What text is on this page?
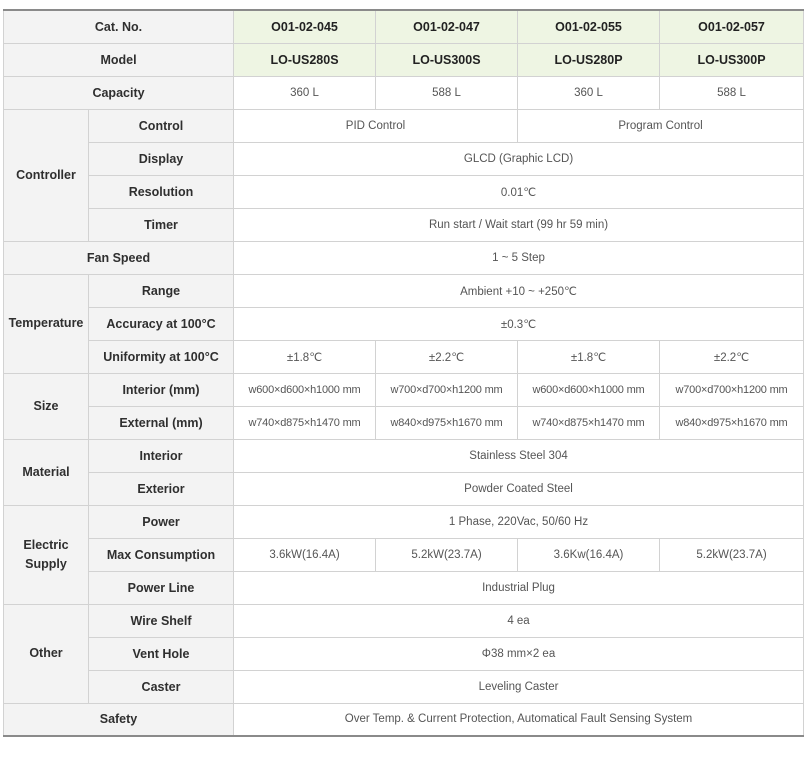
Cat. No.		O01-02-045	O01-02-047	O01-02-055	O01-02-057
Model		LO-US280S	LO-US300S	LO-US280P	LO-US300P
Capacity		360 L	588 L	360 L	588 L
Controller	Control	PID Control		Program Control	
	Display	GLCD (Graphic LCD)			
	Resolution	0.01℃			
	Timer	Run start / Wait start (99 hr 59 min)			
Fan Speed		1 ~ 5 Step			
Temperature	Range	Ambient +10 ~ +250℃			
	Accuracy at 100°C	±0.3℃			
	Uniformity at 100°C	±1.8℃	±2.2℃	±1.8℃	±2.2℃
Size	Interior (mm)	w600×d600×h1000 mm	w700×d700×h1200 mm	w600×d600×h1000 mm	w700×d700×h1200 mm
	External (mm)	w740×d875×h1470 mm	w840×d975×h1670 mm	w740×d875×h1470 mm	w840×d975×h1670 mm
Material	Interior	Stainless Steel 304			
	Exterior	Powder Coated Steel			
Electric
Supply	Power	1 Phase, 220Vac, 50/60 Hz			
	Max Consumption	3.6kW(16.4A)	5.2kW(23.7A)	3.6Kw(16.4A)	5.2kW(23.7A)
	Power Line	Industrial Plug			
Other	Wire Shelf	4 ea			
	Vent Hole	Φ38 mm×2 ea			
	Caster	Leveling Caster			
Safety		Over Temp. & Current Protection, Automatical Fault Sensing System			
